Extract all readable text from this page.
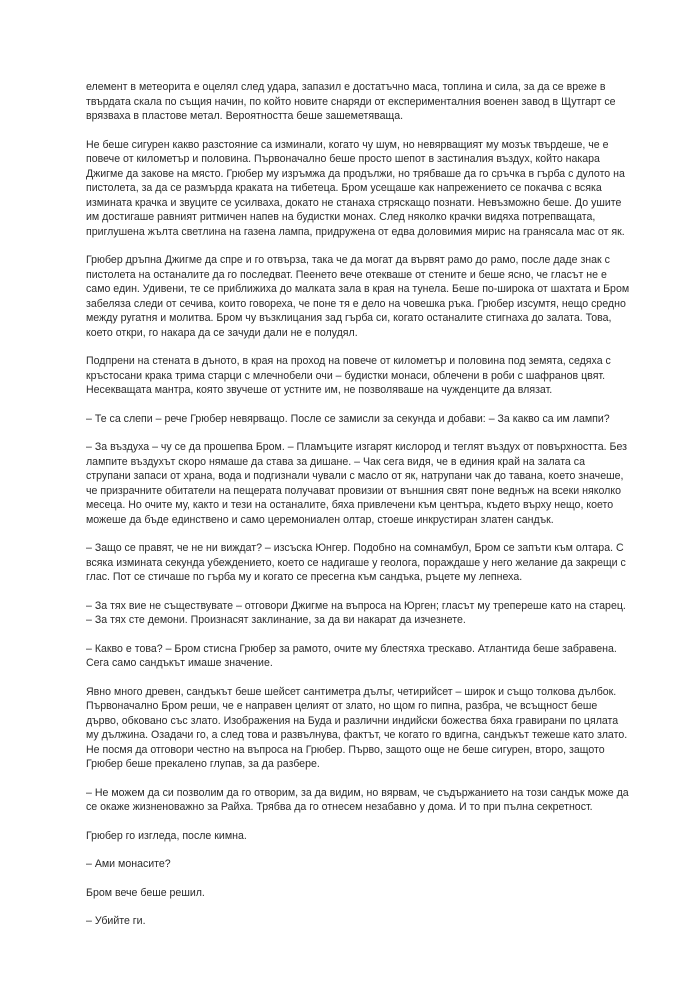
елемент в метеорита е оцелял след удара, запазил е достатъчно маса, топлина и сила, за да се вреже в твърдата скала по същия начин, по който новите снаряди от експерименталния военен завод в Щутгарт се врязваха в пластове метал. Вероятността беше зашеметяваща.

Не беше сигурен какво разстояние са изминали, когато чу шум, но невярващият му мозък твърдеше, че е повече от километър и половина. Първоначално беше просто шепот в застиналия въздух, който накара Джигме да закове на място. Грюбер му изръмжа да продължи, но трябваше да го сръчка в гърба с дулото на пистолета, за да се размърда краката на тибетеца. Бром усещаше как напрежението се покачва с всяка измината крачка и звуците се усилваха, докато не станаха стряскащо познати. Невъзможно беше. До ушите им достигаше равният ритмичен напев на будистки монах. След няколко крачки видяха потрепващата, приглушена жълта светлина на газена лампа, придружена от едва доловимия мирис на гранясала мас от як.

Грюбер дръпна Джигме да спре и го отвърза, така че да могат да вървят рамо до рамо, после даде знак с пистолета на останалите да го последват. Пеенето вече отекваше от стените и беше ясно, че гласът не е само един. Удивени, те се приближиха до малката зала в края на тунела. Беше по-широка от шахтата и Бром забеляза следи от сечива, които говореха, че поне тя е дело на човешка ръка. Грюбер изсумтя, нещо средно между ругатня и молитва. Бром чу възклицания зад гърба си, когато останалите стигнаха до залата. Това, което откри, го накара да се зачуди дали не е полудял.

Подпрени на стената в дъното, в края на проход на повече от километър и половина под земята, седяха с кръстосани крака трима старци с млечнобели очи – будистки монаси, облечени в роби с шафранов цвят. Несекващата мантра, която звучеше от устните им, не позволяваше на чужденците да влязат.

– Те са слепи – рече Грюбер невярващо. После се замисли за секунда и добави: – За какво са им лампи?

– За въздуха – чу се да прошепва Бром. – Пламъците изгарят кислород и теглят въздух от повърхността. Без лампите въздухът скоро нямаше да става за дишане. – Чак сега видя, че в единия край на залата са струпани запаси от храна, вода и подгизнали чували с масло от як, натрупани чак до тавана, което значеше, че призрачните обитатели на пещерата получават провизии от външния свят поне веднъж на всеки няколко месеца. Но очите му, както и тези на останалите, бяха привлечени към центъра, където върху нещо, което можеше да бъде единствено и само церемониален олтар, стоеше инкрустиран златен сандък.

– Защо се правят, че не ни виждат? – изсъска Юнгер. Подобно на сомнамбул, Бром се запъти към олтара. С всяка измината секунда убеждението, което се надигаше у геолога, пораждаше у него желание да закрещи с глас. Пот се стичаше по гърба му и когато се пресегна към сандъка, ръцете му лепнеха.

– За тях вие не съществувате – отговори Джигме на въпроса на Юрген; гласът му трепереше като на старец. – За тях сте демони. Произнасят заклинание, за да ви накарат да изчезнете.

– Какво е това? – Бром стисна Грюбер за рамото, очите му блестяха трескаво. Атлантида беше забравена. Сега само сандъкът имаше значение.

Явно много древен, сандъкът беше шейсет сантиметра дълъг, четирийсет – широк и също толкова дълбок. Първоначално Бром реши, че е направен целият от злато, но щом го пипна, разбра, че всъщност беше дърво, обковано със злато. Изображения на Буда и различни индийски божества бяха гравирани по цялата му дължина. Озадачи го, а след това и развълнува, фактът, че когато го вдигна, сандъкът тежеше като злато. Не посмя да отговори честно на въпроса на Грюбер. Първо, защото още не беше сигурен, второ, защото Грюбер беше прекалено глупав, за да разбере.

– Не можем да си позволим да го отворим, за да видим, но вярвам, че съдържанието на този сандък може да се окаже жизненоважно за Райха. Трябва да го отнесем незабавно у дома. И то при пълна секретност.

Грюбер го изгледа, после кимна.

– Ами монасите?

Бром вече беше решил.

– Убийте ги.
